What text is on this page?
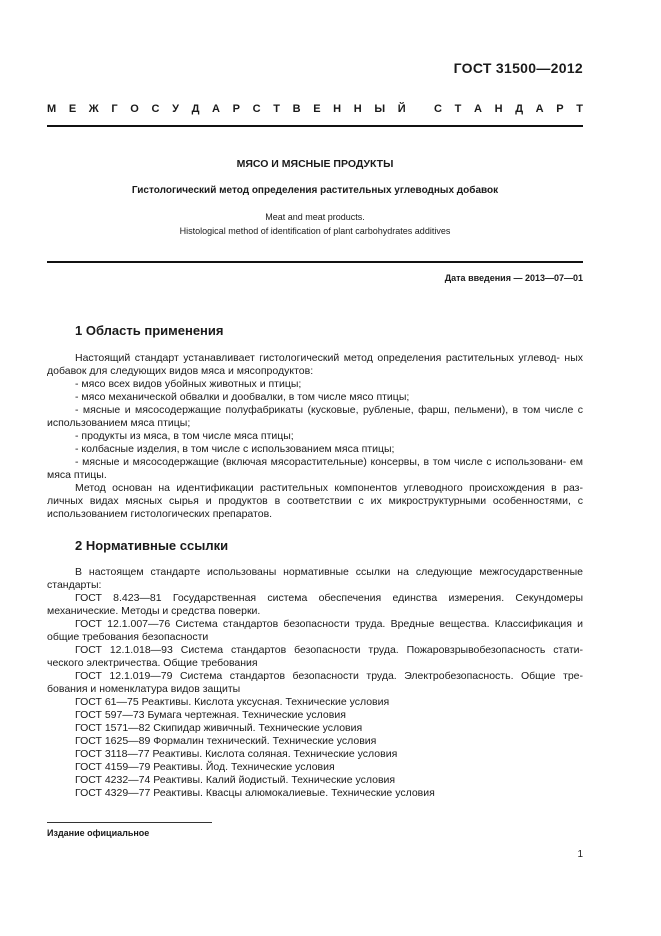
ГОСТ 31500—2012
М Е Ж Г О С У Д А Р С Т В Е Н Н Ы Й
	С Т А Н Д А Р Т
МЯСО И МЯСНЫЕ ПРОДУКТЫ
Гистологический метод определения растительных углеводных добавок
Meat and meat products.
Histological method of identification of plant carbohydrates additives
Дата введения — 2013—07—01
1 Область применения

Настоящий стандарт устанавливает гистологический метод определения растительных углевод- ных добавок для следующих видов мяса и мясопродуктов:

- мясо всех видов убойных животных и птицы;

- мясо механической обвалки и дообвалки, в том числе мясо птицы;

- мясные и мясосодержащие полуфабрикаты (кусковые, рубленые, фарш, пельмени), в том числе с использованием мяса птицы;

- продукты из мяса, в том числе мяса птицы;

- колбасные изделия, в том числе с использованием мяса птицы;

- мясные и мясосодержащие (включая мясорастительные) консервы, в том числе с использовани- ем мяса птицы.

Метод основан на идентификации растительных компонентов углеводного происхождения в раз- личных видах мясных сырья и продуктов в соответствии с их микроструктурными особенностями, с использованием гистологических препаратов.

2 Нормативные ссылки

В настоящем стандарте использованы нормативные ссылки на следующие межгосударственные стандарты:

ГОСТ 8.423—81 Государственная система обеспечения единства измерения. Секундомеры механические. Методы и средства поверки.

ГОСТ 12.1.007—76 Система стандартов безопасности труда. Вредные вещества. Классификация и общие требования безопасности

ГОСТ 12.1.018—93 Система стандартов безопасности труда. Пожаровзрывобезопасность стати- ческого электричества. Общие требования

ГОСТ 12.1.019—79 Система стандартов безопасности труда. Электробезопасность. Общие тре- бования и номенклатура видов защиты

ГОСТ 61—75 Реактивы. Кислота уксусная. Технические условия

ГОСТ 597—73 Бумага чертежная. Технические условия

ГОСТ 1571—82 Скипидар живичный. Технические условия

ГОСТ 1625—89 Формалин технический. Технические условия

ГОСТ 3118—77 Реактивы. Кислота соляная. Технические условия

ГОСТ 4159—79 Реактивы. Йод. Технические условия

ГОСТ 4232—74 Реактивы. Калий йодистый. Технические условия

ГОСТ 4329—77 Реактивы. Квасцы алюмокалиевые. Технические условия

Издание официальное
1
